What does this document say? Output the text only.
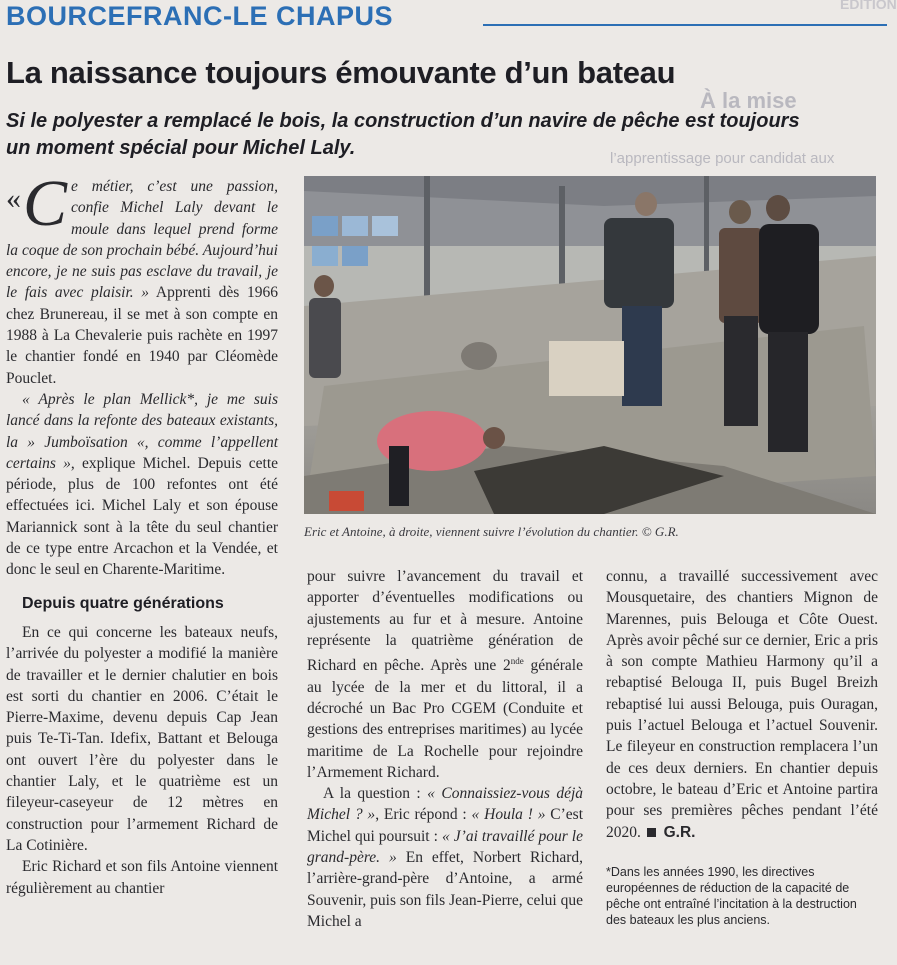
BOURCEFRANC-LE CHAPUS	EDITION
À la mise
l’apprentissage pour candidat aux
La naissance toujours émouvante d’un bateau
Si le polyester a remplacé le bois, la construction d’un navire de pêche est toujours un moment spécial pour Michel Laly.

« C e métier, c’est une passion, confie Michel Laly devant le moule dans lequel prend forme la coque de son prochain bébé. Aujourd’hui encore, je ne suis pas esclave du travail, je le fais avec plaisir. » Apprenti dès 1966 chez Brunereau, il se met à son compte en 1988 à La Chevalerie puis rachète en 1997 le chantier fondé en 1940 par Cléomède Pouclet.

« Après le plan Mellick*, je me suis lancé dans la refonte des bateaux existants, la » Jumboïsation «, comme l’appellent certains », explique Michel. Depuis cette période, plus de 100 refontes ont été effectuées ici. Michel Laly et son épouse Mariannick sont à la tête du seul chantier de ce type entre Arcachon et la Vendée, et donc le seul en Charente-Maritime.

Depuis quatre générations

En ce qui concerne les bateaux neufs, l’arrivée du polyester a modifié la manière de travailler et le dernier chalutier en bois est sorti du chantier en 2006. C’était le Pierre-Maxime, devenu depuis Cap Jean puis Te-Ti-Tan. Idefix, Battant et Belouga ont ouvert l’ère du polyester dans le chantier Laly, et le quatrième est un fileyeur-caseyeur de 12 mètres en construction pour l’armement Richard de La Cotinière.

Eric Richard et son fils Antoine viennent régulièrement au chantier

Eric et Antoine, à droite, viennent suivre l’évolution du chantier. © G.R.

pour suivre l’avancement du travail et apporter d’éventuelles modifications ou ajustements au fur et à mesure. Antoine représente la quatrième génération de Richard en pêche. Après une 2nde générale au lycée de la mer et du littoral, il a décroché un Bac Pro CGEM (Conduite et gestions des entreprises maritimes) au lycée maritime de La Rochelle pour rejoindre l’Armement Richard.

A la question : « Connaissiez-vous déjà Michel ? », Eric répond : « Houla ! » C’est Michel qui poursuit : « J’ai travaillé pour le grand-père. » En effet, Norbert Richard, l’arrière-grand-père d’Antoine, a armé Souvenir, puis son fils Jean-Pierre, celui que Michel a

connu, a travaillé successivement avec Mousquetaire, des chantiers Mignon de Marennes, puis Belouga et Côte Ouest. Après avoir pêché sur ce dernier, Eric a pris à son compte Mathieu Harmony qu’il a rebaptisé Belouga II, puis Bugel Breizh rebaptisé lui aussi Belouga, puis Ouragan, puis l’actuel Belouga et l’actuel Souvenir. Le fileyeur en construction remplacera l’un de ces deux derniers. En chantier depuis octobre, le bateau d’Eric et Antoine partira pour ses premières pêches pendant l’été 2020. G.R.

*Dans les années 1990, les directives européennes de réduction de la capacité de pêche ont entraîné l’incitation à la destruction des bateaux les plus anciens.
